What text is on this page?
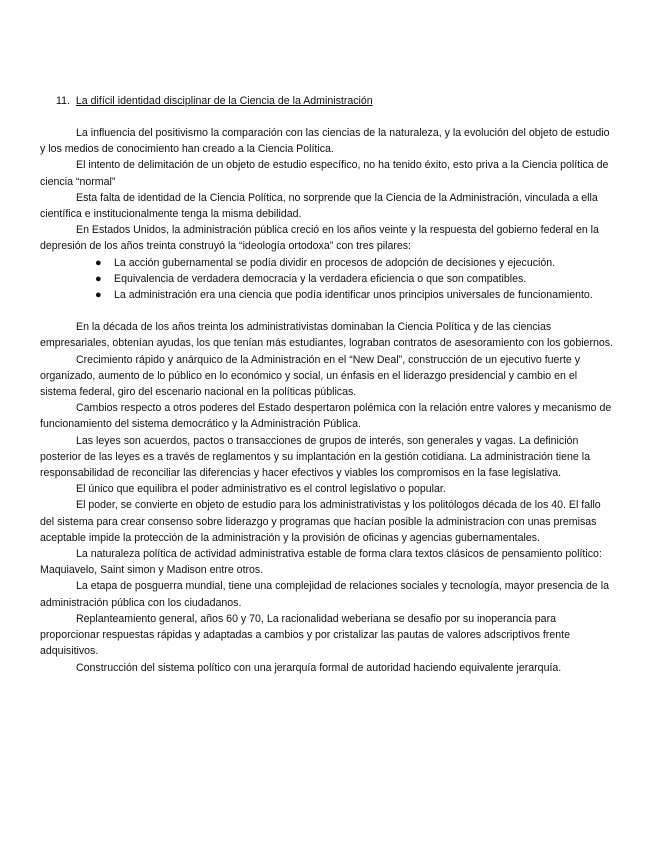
11. La difícil identidad disciplinar de la Ciencia de la Administración

La influencia del positivismo la comparación con las ciencias de la naturaleza, y la evolución del objeto de estudio y los medios de conocimiento han creado a la Ciencia Política.

El intento de delimitación de un objeto de estudio específico, no ha tenido éxito, esto priva a la Ciencia política de ciencia “normal”

Esta falta de identidad de la Ciencia Política, no sorprende que la Ciencia de la Administración, vinculada a ella científica e institucionalmente tenga la misma debilidad.

En Estados Unidos, la administración pública creció en los años veinte y la respuesta del gobierno federal en la depresión de los años treinta construyó la “ideología ortodoxa” con tres pilares:

● La acción gubernamental se podía dividir en procesos de adopción de decisiones y ejecución.
● Equivalencia de verdadera democracia y la verdadera eficiencia o que son compatibles.
● La administración era una ciencia que podía identificar unos principios universales de funcionamiento.

En la década de los años treinta los administrativistas dominaban la Ciencia Política y de las ciencias empresariales, obtenían ayudas, los que tenían más estudiantes, lograban contratos de asesoramiento con los gobiernos.

Crecimiento rápido y anárquico de la Administración en el “New Deal”, construcción de un ejecutivo fuerte y organizado, aumento de lo público en lo económico y social, un énfasis en el liderazgo presidencial y cambio en el sistema federal, giro del escenario nacional en la políticas públicas.

Cambios respecto a otros poderes del Estado despertaron polémica con la relación entre valores y mecanismo de funcionamiento del sistema democrático y la Administración Pública.

Las leyes son acuerdos, pactos o transacciones de grupos de interés, son generales y vagas. La definición posterior de las leyes es a través de reglamentos y su implantación en la gestión cotidiana. La administración tiene la responsabilidad de reconciliar las diferencias y hacer efectivos y viables los compromisos en la fase legislativa.

El único que equilibra el poder administrativo es el control legislativo o popular.

El poder, se convierte en objeto de estudio para los administrativistas y los politólogos década de los 40. El fallo del sistema para crear consenso sobre liderazgo y programas que hacían posible la administracion con unas premisas aceptable impide la protección de la administración y la provisión de oficinas y agencias gubernamentales.

La naturaleza política de actividad administrativa estable de forma clara textos clásicos de pensamiento político: Maquiavelo, Saint simon y Madison entre otros.

La etapa de posguerra mundial, tiene una complejidad de relaciones sociales y tecnología, mayor presencia de la administración pública con los ciudadanos.

Replanteamiento general, años 60 y 70, La racionalidad weberiana se desafio por su inoperancia para proporcionar respuestas rápidas y adaptadas a cambios y por cristalizar las pautas de valores adscriptivos frente adquisitivos.

Construcción del sistema político con una jerarquía formal de autoridad haciendo equivalente jerarquía.
